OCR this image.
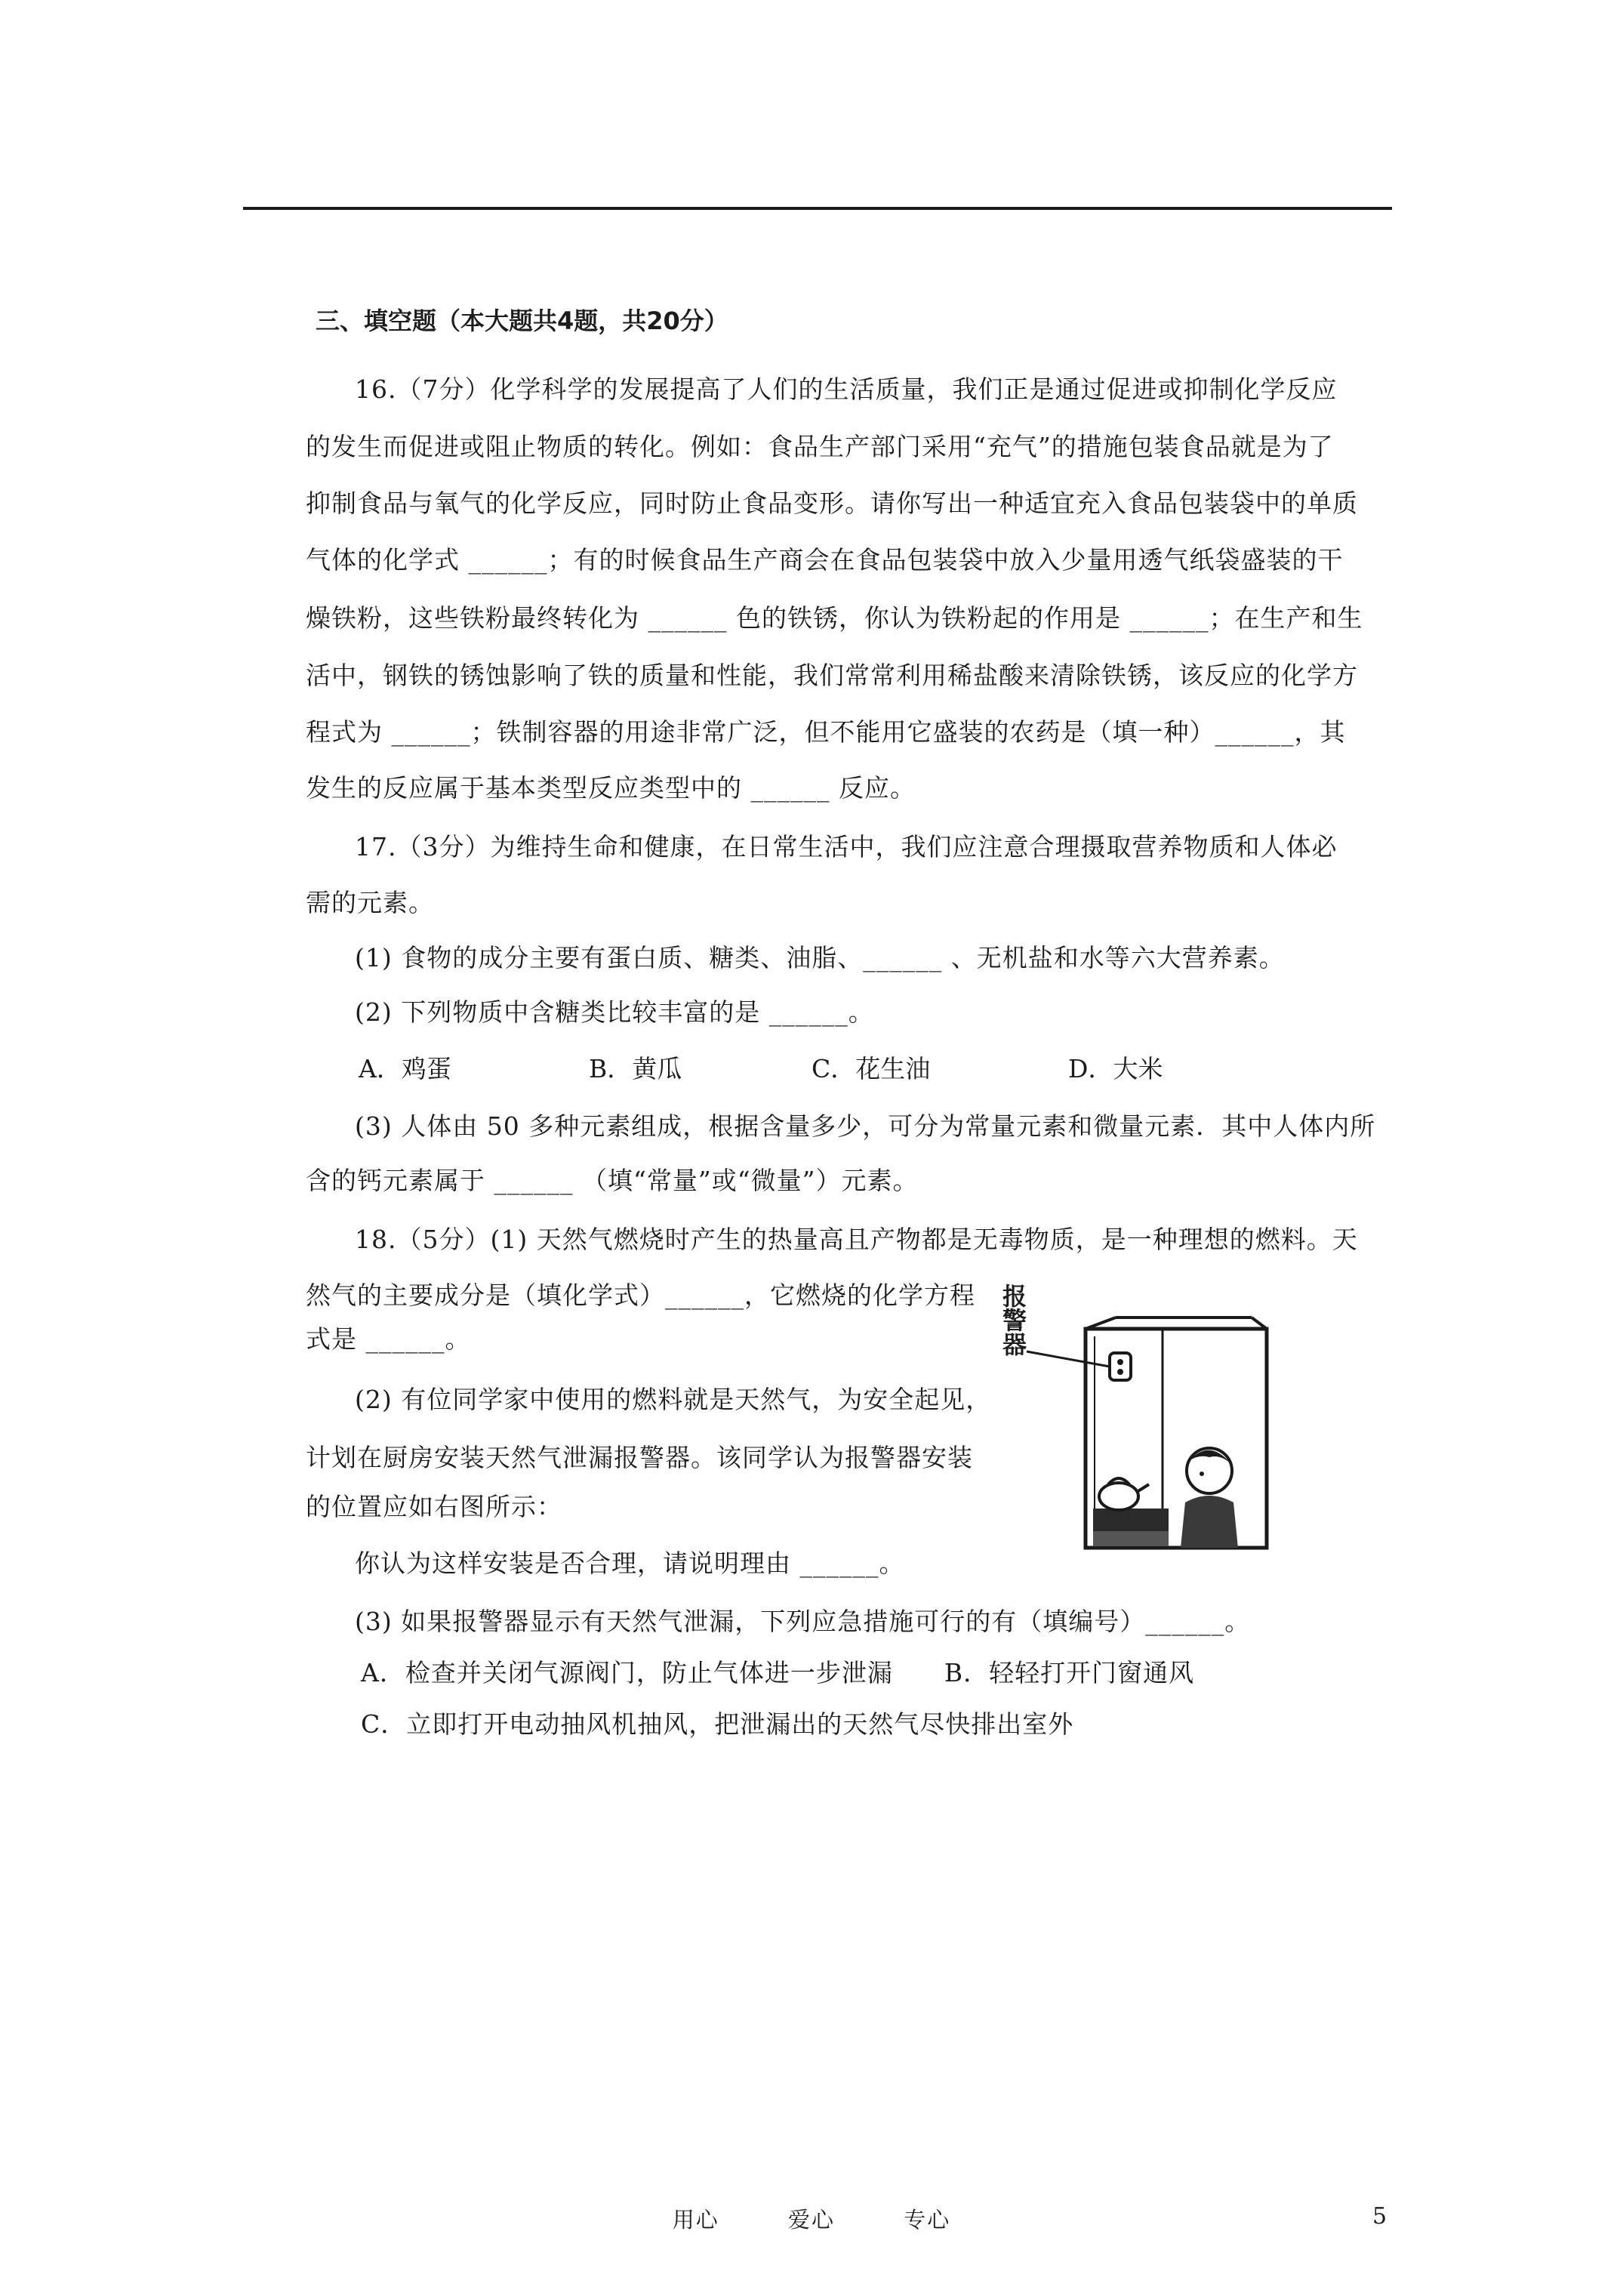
三、填空题（本大题共4题，共20分）
16.（7分）化学科学的发展提高了人们的生活质量，我们正是通过促进或抑制化学反应
的发生而促进或阻止物质的转化。例如：食品生产部门采用“充气”的措施包装食品就是为了
抑制食品与氧气的化学反应，同时防止食品变形。请你写出一种适宜充入食品包装袋中的单质
气体的化学式 ______；有的时候食品生产商会在食品包装袋中放入少量用透气纸袋盛装的干
燥铁粉，这些铁粉最终转化为 ______ 色的铁锈，你认为铁粉起的作用是 ______；在生产和生
活中，钢铁的锈蚀影响了铁的质量和性能，我们常常利用稀盐酸来清除铁锈，该反应的化学方
程式为 ______；铁制容器的用途非常广泛，但不能用它盛装的农药是（填一种）______，其
发生的反应属于基本类型反应类型中的 ______ 反应。
17.（3分）为维持生命和健康，在日常生活中，我们应注意合理摄取营养物质和人体必
需的元素。
(1) 食物的成分主要有蛋白质、糖类、油脂、______ 、无机盐和水等六大营养素。
(2) 下列物质中含糖类比较丰富的是 ______。
A．鸡蛋	B．黄瓜	C．花生油	D．大米
(3) 人体由 50 多种元素组成，根据含量多少，可分为常量元素和微量元素．其中人体内所
含的钙元素属于 ______ （填“常量”或“微量”）元素。
18.（5分）(1) 天然气燃烧时产生的热量高且产物都是无毒物质，是一种理想的燃料。天
然气的主要成分是（填化学式）______，它燃烧的化学方程
式是 ______。
(2) 有位同学家中使用的燃料就是天然气，为安全起见，
计划在厨房安装天然气泄漏报警器。该同学认为报警器安装
的位置应如右图所示：
你认为这样安装是否合理，请说明理由 ______。
(3) 如果报警器显示有天然气泄漏，下列应急措施可行的有（填编号）______。
A．检查并关闭气源阀门，防止气体进一步泄漏　　B．轻轻打开门窗通风
C．立即打开电动抽风机抽风，把泄漏出的天然气尽快排出室外
报警器
用心	爱心	专心	5
